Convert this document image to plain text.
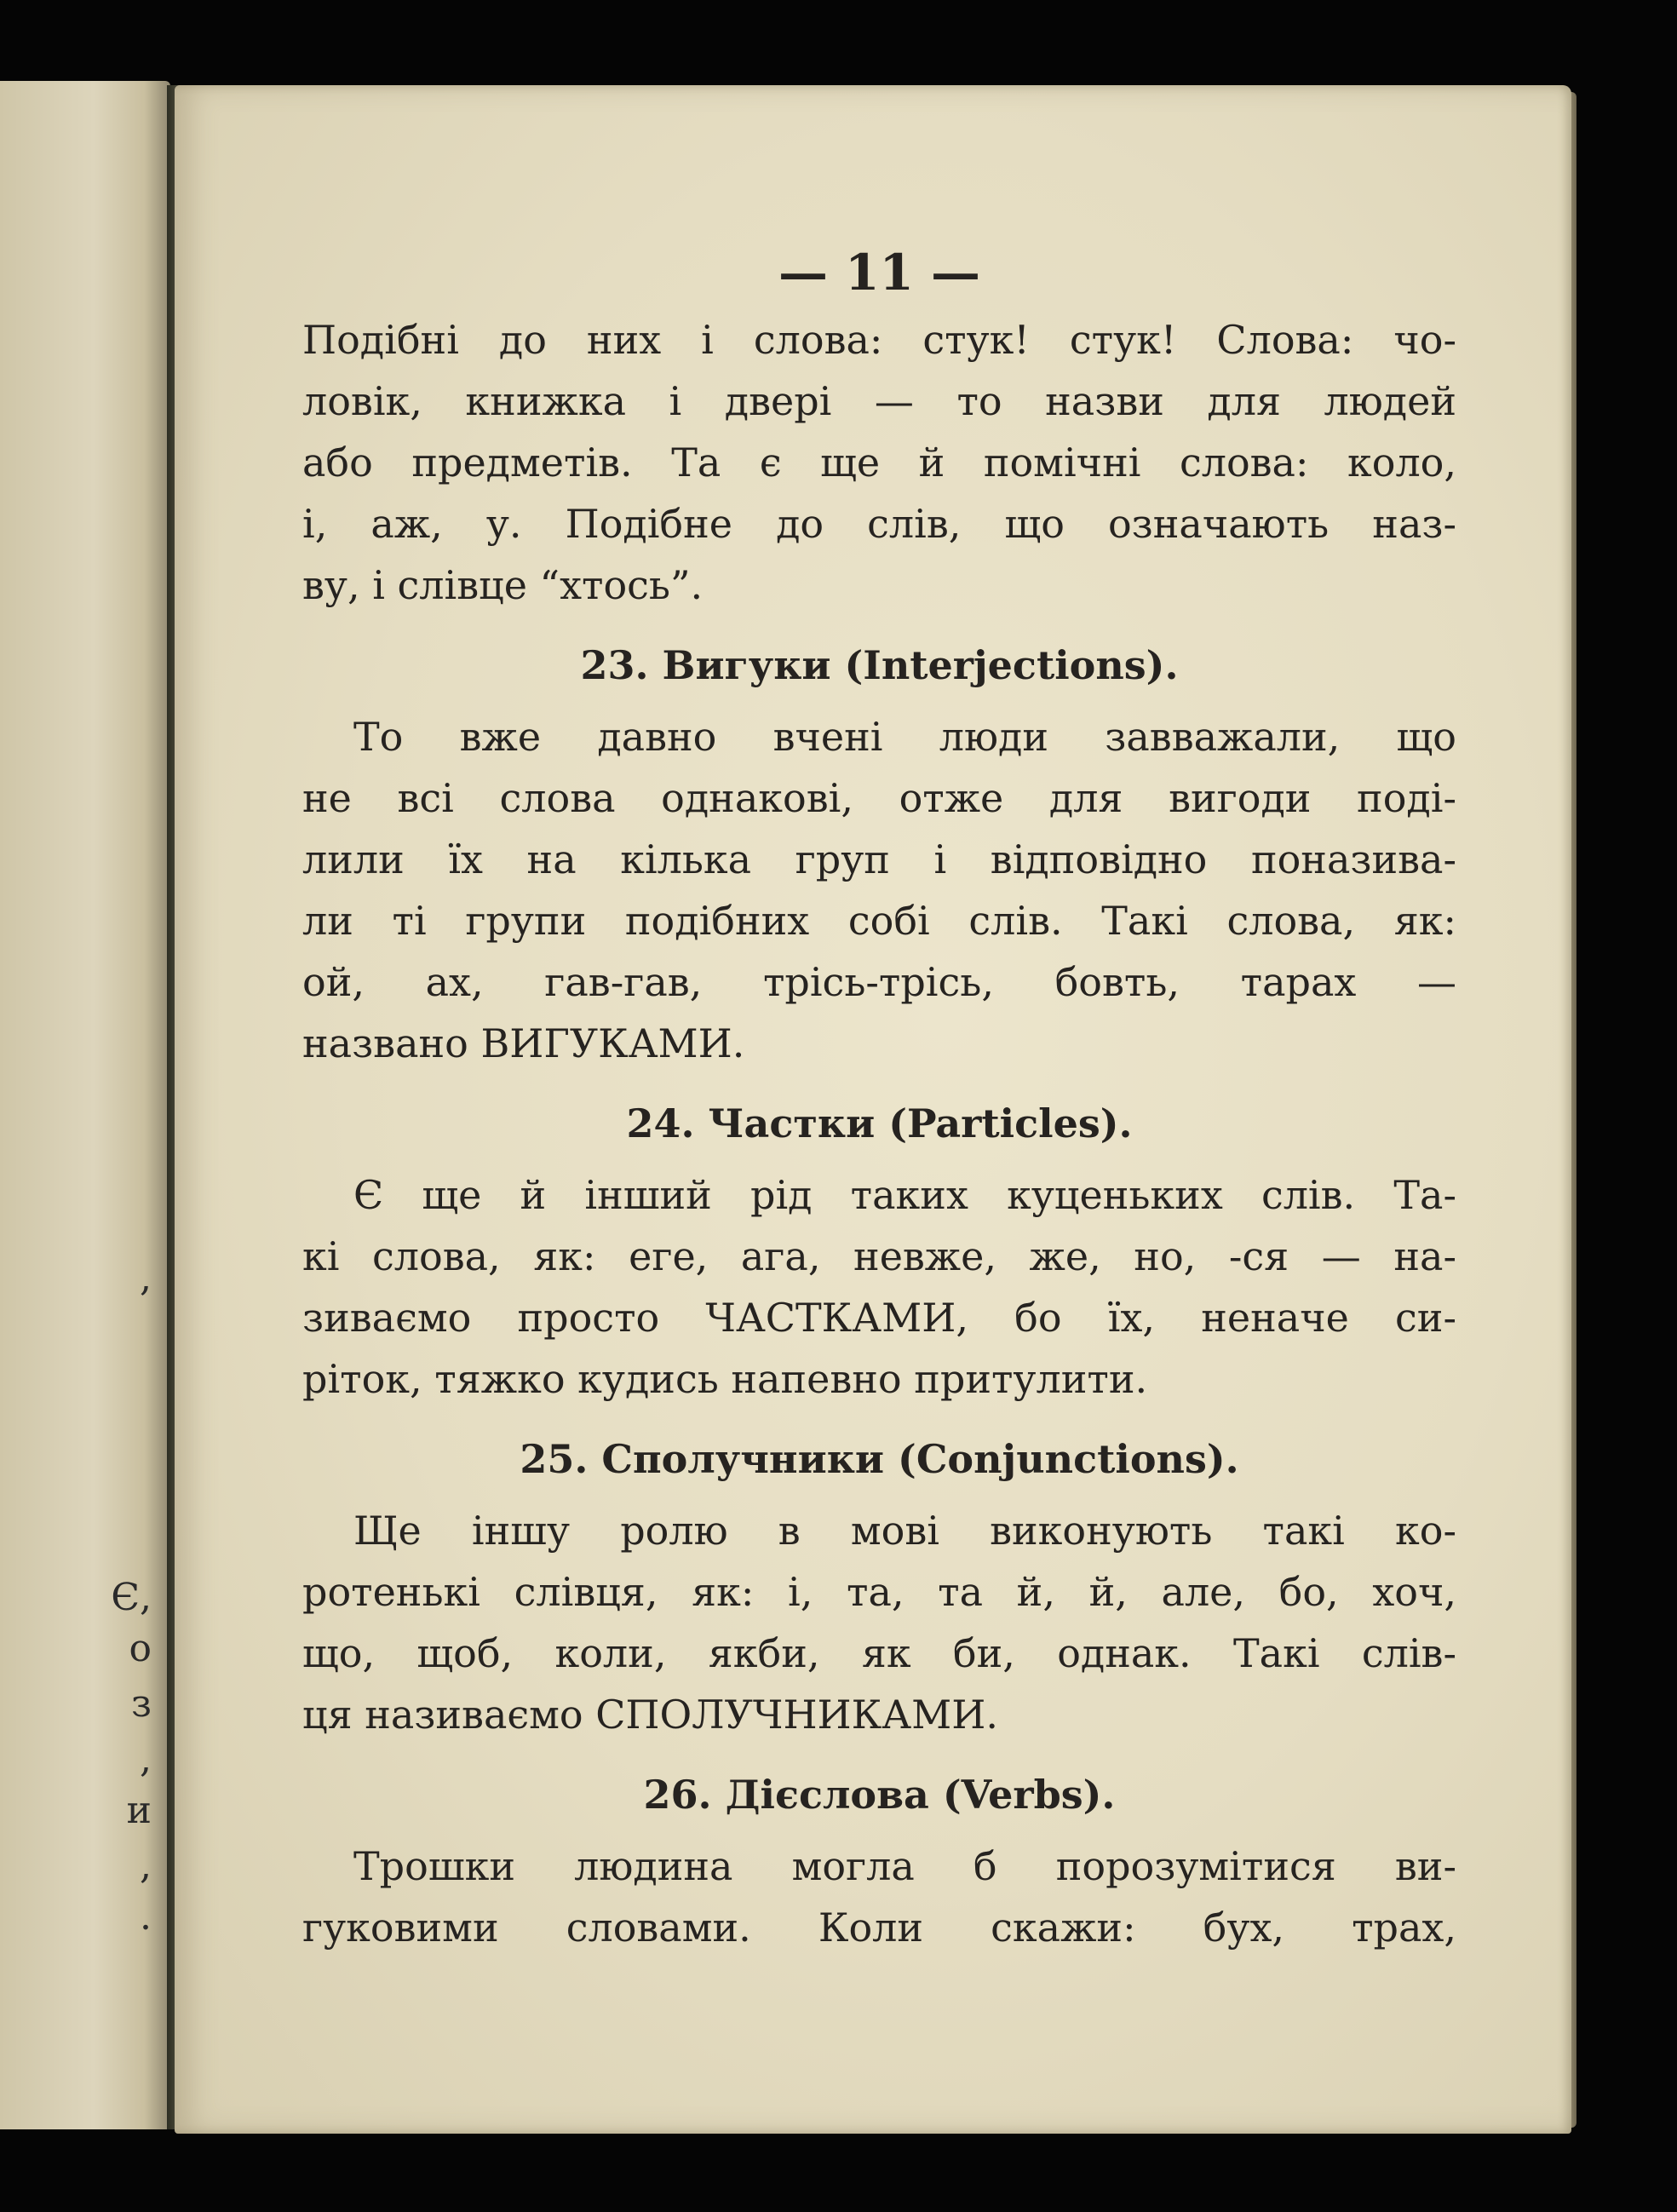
,
Є,
о
з
,
и
,
.
— 11 —
Подібні до них і слова: стук! стук! Слова: чо-
ловік, книжка і двері — то назви для людей
або предметів. Та є ще й помічні слова: коло,
і, аж, у. Подібне до слів, що означають наз-
ву, і слівце “хтось”.
23. Вигуки (Interjections).
То вже давно вчені люди завважали, що
не всі слова однакові, отже для вигоди поді-
лили їх на кілька груп і відповідно поназива-
ли ті групи подібних собі слів. Такі слова, як:
ой, ах, гав-гав, трісь-трісь, бовть, тарах —
названо ВИГУКАМИ.
24. Частки (Particles).
Є ще й інший рід таких куценьких слів. Та-
кі слова, як: еге, ага, невже, же, но, -ся — на-
зиваємо просто ЧАСТКАМИ, бо їх, неначе си-
ріток, тяжко кудись напевно притулити.
25. Сполучники (Conjunctions).
Ще іншу ролю в мові виконують такі ко-
ротенькі слівця, як: і, та, та й, й, але, бо, хоч,
що, щоб, коли, якби, як би, однак. Такі слів-
ця називаємо СПОЛУЧНИКАМИ.
26. Дієслова (Verbs).
Трошки людина могла б порозумітися ви-
гуковими словами. Коли скажи: бух, трах,
